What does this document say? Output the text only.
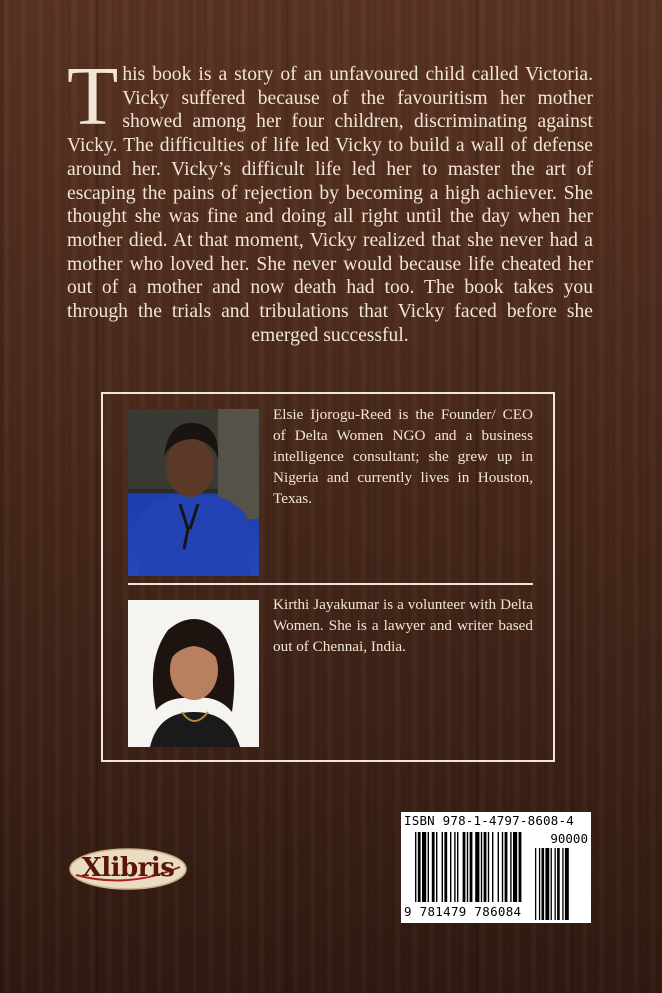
This book is a story of an unfavoured child called Victoria. Vicky suffered because of the favouritism her mother showed among her four children, discriminating against Vicky. The difficulties of life led Vicky to build a wall of defense around her. Vicky’s difficult life led her to master the art of escaping the pains of rejection by becoming a high achiever. She thought she was fine and doing all right until the day when her mother died. At that moment, Vicky realized that she never had a mother who loved her. She never would because life cheated her out of a mother and now death had too. The book takes you through the trials and tribulations that Vicky faced before she emerged successful.
Elsie Ijorogu-Reed is the Founder/ CEO of Delta Women NGO and a business intelligence consultant; she grew up in Nigeria and currently lives in Houston, Texas.
Kirthi Jayakumar is a volunteer with Delta Women. She is a lawyer and writer based out of Chennai, India.
Xlibris
ISBN 978-1-4797-8608-4
90000
9 781479 786084
